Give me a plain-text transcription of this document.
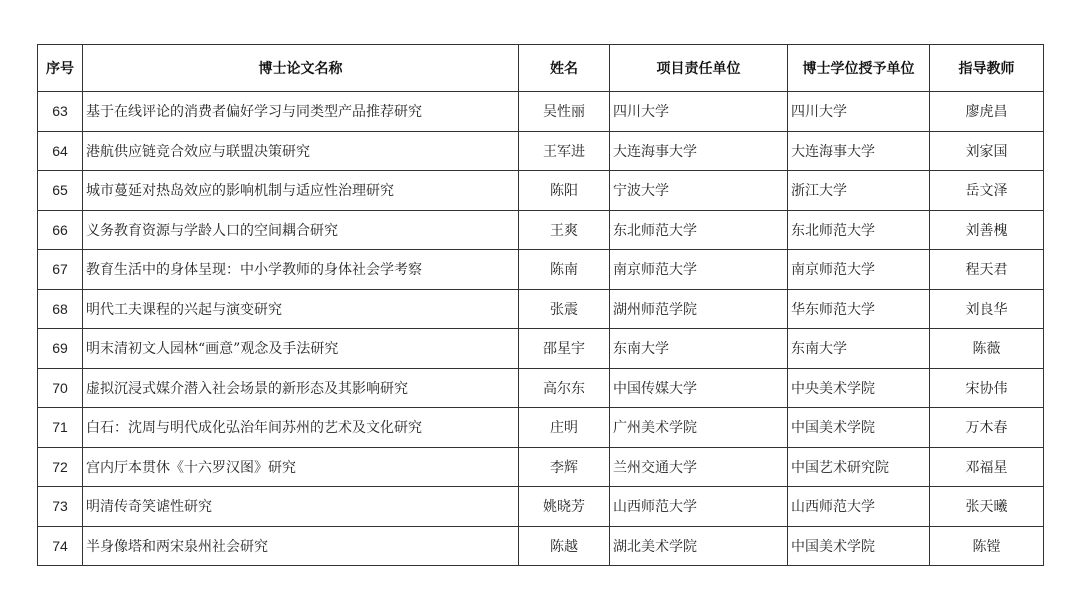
序号	博士论文名称	姓名	项目责任单位	博士学位授予单位	指导教师
63	基于在线评论的消费者偏好学习与同类型产品推荐研究	吴性丽	四川大学	四川大学	廖虎昌
64	港航供应链竞合效应与联盟决策研究	王军进	大连海事大学	大连海事大学	刘家国
65	城市蔓延对热岛效应的影响机制与适应性治理研究	陈阳	宁波大学	浙江大学	岳文泽
66	义务教育资源与学龄人口的空间耦合研究	王爽	东北师范大学	东北师范大学	刘善槐
67	教育生活中的身体呈现：中小学教师的身体社会学考察	陈南	南京师范大学	南京师范大学	程天君
68	明代工夫课程的兴起与演变研究	张震	湖州师范学院	华东师范大学	刘良华
69	明末清初文人园林“画意”观念及手法研究	邵星宇	东南大学	东南大学	陈薇
70	虚拟沉浸式媒介潜入社会场景的新形态及其影响研究	高尔东	中国传媒大学	中央美术学院	宋协伟
71	白石：沈周与明代成化弘治年间苏州的艺术及文化研究	庄明	广州美术学院	中国美术学院	万木春
72	宫内厅本贯休《十六罗汉图》研究	李辉	兰州交通大学	中国艺术研究院	邓福星
73	明清传奇笑谑性研究	姚晓芳	山西师范大学	山西师范大学	张天曦
74	半身像塔和两宋泉州社会研究	陈越	湖北美术学院	中国美术学院	陈镗
